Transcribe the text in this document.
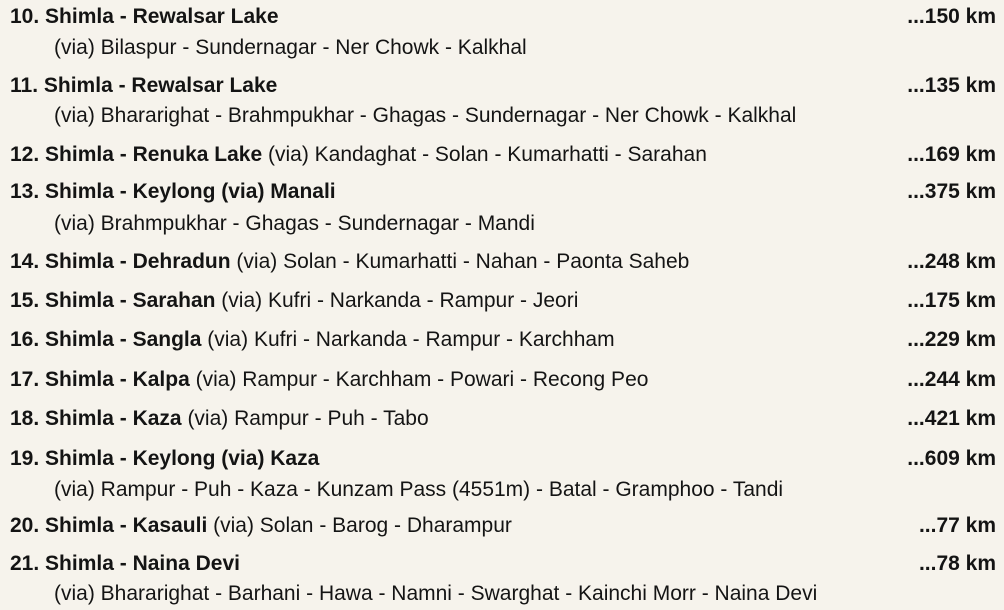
10. Shimla - Rewalsar Lake	...150 km
(via) Bilaspur - Sundernagar - Ner Chowk - Kalkhal
11. Shimla - Rewalsar Lake	...135 km
(via) Bhararighat - Brahmpukhar - Ghagas - Sundernagar - Ner Chowk - Kalkhal
12. Shimla - Renuka Lake (via) Kandaghat - Solan - Kumarhatti - Sarahan	...169 km
13. Shimla - Keylong (via) Manali	...375 km
(via) Brahmpukhar - Ghagas - Sundernagar - Mandi
14. Shimla - Dehradun (via) Solan - Kumarhatti - Nahan - Paonta Saheb	...248 km
15. Shimla - Sarahan (via) Kufri - Narkanda - Rampur - Jeori	...175 km
16. Shimla - Sangla (via) Kufri - Narkanda - Rampur - Karchham	...229 km
17. Shimla - Kalpa (via) Rampur - Karchham - Powari - Recong Peo	...244 km
18. Shimla - Kaza (via) Rampur - Puh - Tabo	...421 km
19. Shimla - Keylong (via) Kaza	...609 km
(via) Rampur - Puh - Kaza - Kunzam Pass (4551m) - Batal - Gramphoo - Tandi
20. Shimla - Kasauli (via) Solan - Barog - Dharampur	...77 km
21. Shimla - Naina Devi	...78 km
(via) Bhararighat - Barhani - Hawa - Namni - Swarghat - Kainchi Morr - Naina Devi
